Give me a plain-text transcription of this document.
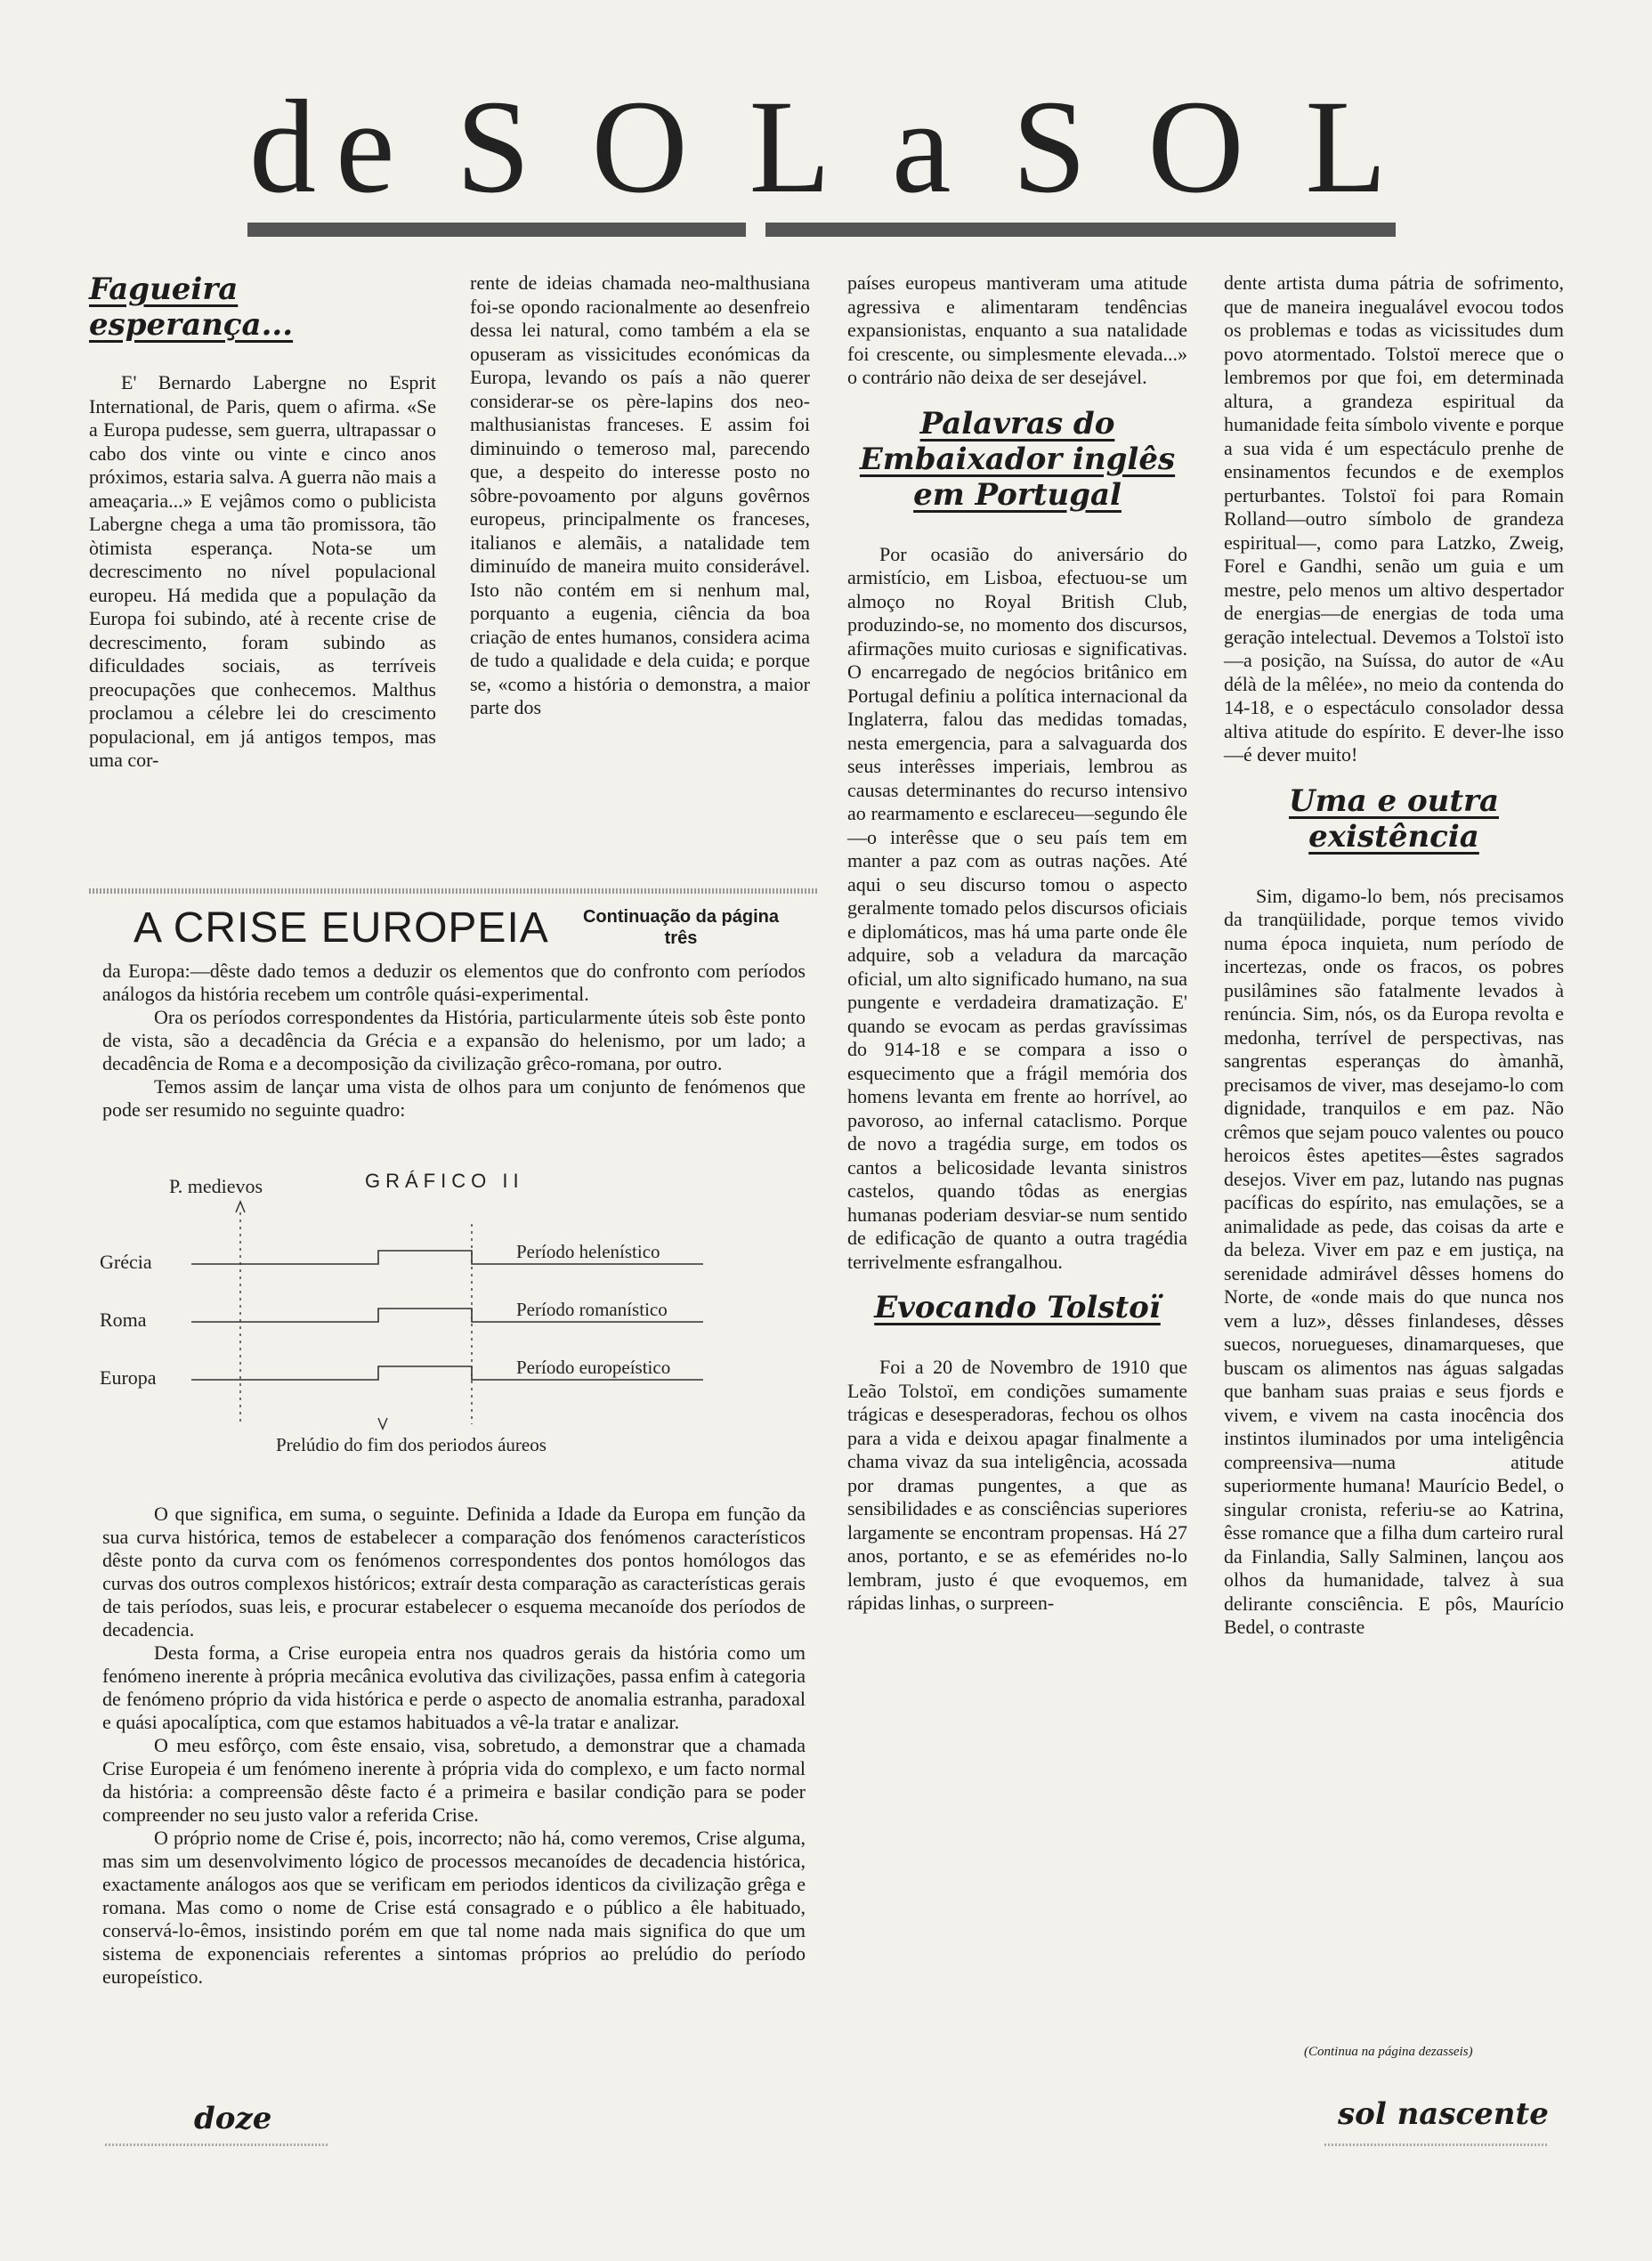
de S O L a S O L
Fagueira esperança...

E' Bernardo Labergne no Esprit International, de Paris, quem o afirma. «Se a Europa pudesse, sem guerra, ultrapassar o cabo dos vinte ou vinte e cinco anos próximos, estaria salva. A guerra não mais a ameaçaria...» E vejâmos como o publicista Labergne chega a uma tão promissora, tão òtimista esperança. Nota-se um decrescimento no nível populacional europeu. Há medida que a população da Europa foi subindo, até à recente crise de decrescimento, foram subindo as dificuldades sociais, as terríveis preocupações que conhecemos. Malthus proclamou a célebre lei do crescimento populacional, em já antigos tempos, mas uma cor-

rente de ideias chamada neo-malthusiana foi-se opondo racionalmente ao desenfreio dessa lei natural, como também a ela se opuseram as vissicitudes económicas da Europa, levando os país a não querer considerar-se os père-lapins dos neo-malthusianistas franceses. E assim foi diminuindo o temeroso mal, parecendo que, a despeito do interesse posto no sôbre-povoamento por alguns govêrnos europeus, principalmente os franceses, italianos e alemãis, a natalidade tem diminuído de maneira muito considerável. Isto não contém em si nenhum mal, porquanto a eugenia, ciência da boa criação de entes humanos, considera acima de tudo a qualidade e dela cuida; e porque se, «como a história o demonstra, a maior parte dos

A CRISE EUROPEIA	Continuação da página três

da Europa:—dêste dado temos a deduzir os elementos que do confronto com períodos análogos da história recebem um contrôle quási-experimental.

Ora os períodos correspondentes da História, particularmente úteis sob êste ponto de vista, são a decadência da Grécia e a expansão do helenismo, por um lado; a decadência de Roma e a decomposição da civilização grêco-romana, por outro.

Temos assim de lançar uma vista de olhos para um conjunto de fenómenos que pode ser resumido no seguinte quadro:

P. medievos	GRÁFICO II
Grécia	Período helenístico
Roma	Período romanístico
Europa	Período europeístico
Prelúdio do fim dos periodos áureos

O que significa, em suma, o seguinte. Definida a Idade da Europa em função da sua curva histórica, temos de estabelecer a comparação dos fenómenos característicos dêste ponto da curva com os fenómenos correspondentes dos pontos homólogos das curvas dos outros complexos históricos; extraír desta comparação as características gerais de tais períodos, suas leis, e procurar estabelecer o esquema mecanoíde dos períodos de decadencia.

Desta forma, a Crise europeia entra nos quadros gerais da história como um fenómeno inerente à própria mecânica evolutiva das civilizações, passa enfim à categoria de fenómeno próprio da vida histórica e perde o aspecto de anomalia estranha, paradoxal e quási apocalíptica, com que estamos habituados a vê-la tratar e analizar.

O meu esfôrço, com êste ensaio, visa, sobretudo, a demonstrar que a chamada Crise Europeia é um fenómeno inerente à própria vida do complexo, e um facto normal da história: a compreensão dêste facto é a primeira e basilar condição para se poder compreender no seu justo valor a referida Crise.

O próprio nome de Crise é, pois, incorrecto; não há, como veremos, Crise alguma, mas sim um desenvolvimento lógico de processos mecanoídes de decadencia histórica, exactamente análogos aos que se verificam em periodos identicos da civilização grêga e romana. Mas como o nome de Crise está consagrado e o público a êle habituado, conservá-lo-êmos, insistindo porém em que tal nome nada mais significa do que um sistema de exponenciais referentes a sintomas próprios ao prelúdio do período europeístico.

países europeus mantiveram uma atitude agressiva e alimentaram tendências expansionistas, enquanto a sua natalidade foi crescente, ou simplesmente elevada...» o contrário não deixa de ser desejável.

Palavras do Embaixador inglês em Portugal

Por ocasião do aniversário do armistício, em Lisboa, efectuou-se um almoço no Royal British Club, produzindo-se, no momento dos discursos, afirmações muito curiosas e significativas. O encarregado de negócios britânico em Portugal definiu a política internacional da Inglaterra, falou das medidas tomadas, nesta emergencia, para a salvaguarda dos seus interêsses imperiais, lembrou as causas determinantes do recurso intensivo ao rearmamento e esclareceu—segundo êle—o interêsse que o seu país tem em manter a paz com as outras nações. Até aqui o seu discurso tomou o aspecto geralmente tomado pelos discursos oficiais e diplomáticos, mas há uma parte onde êle adquire, sob a veladura da marcação oficial, um alto significado humano, na sua pungente e verdadeira dramatização. E' quando se evocam as perdas gravíssimas do 914-18 e se compara a isso o esquecimento que a frágil memória dos homens levanta em frente ao horrível, ao pavoroso, ao infernal cataclismo. Porque de novo a tragédia surge, em todos os cantos a belicosidade levanta sinistros castelos, quando tôdas as energias humanas poderiam desviar-se num sentido de edificação de quanto a outra tragédia terrivelmente esfrangalhou.

Evocando Tolstoï

Foi a 20 de Novembro de 1910 que Leão Tolstoï, em condições sumamente trágicas e desesperadoras, fechou os olhos para a vida e deixou apagar finalmente a chama vivaz da sua inteligência, acossada por dramas pungentes, a que as sensibilidades e as consciências superiores largamente se encontram propensas. Há 27 anos, portanto, e se as efemérides no-lo lembram, justo é que evoquemos, em rápidas linhas, o surpreen-

dente artista duma pátria de sofrimento, que de maneira inegualável evocou todos os problemas e todas as vicissitudes dum povo atormentado. Tolstoï merece que o lembremos por que foi, em determinada altura, a grandeza espiritual da humanidade feita símbolo vivente e porque a sua vida é um espectáculo prenhe de ensinamentos fecundos e de exemplos perturbantes. Tolstoï foi para Romain Rolland—outro símbolo de grandeza espiritual—, como para Latzko, Zweig, Forel e Gandhi, senão um guia e um mestre, pelo menos um altivo despertador de energias—de energias de toda uma geração intelectual. Devemos a Tolstoï isto—a posição, na Suíssa, do autor de «Au délà de la mêlée», no meio da contenda do 14-18, e o espectáculo consolador dessa altiva atitude do espírito. E dever-lhe isso—é dever muito!

Uma e outra existência

Sim, digamo-lo bem, nós precisamos da tranqüilidade, porque temos vivido numa época inquieta, num período de incertezas, onde os fracos, os pobres pusilâmines são fatalmente levados à renúncia. Sim, nós, os da Europa revolta e medonha, terrível de perspectivas, nas sangrentas esperanças do àmanhã, precisamos de viver, mas desejamo-lo com dignidade, tranquilos e em paz. Não crêmos que sejam pouco valentes ou pouco heroicos êstes apetites—êstes sagrados desejos. Viver em paz, lutando nas pugnas pacíficas do espírito, nas emulações, se a animalidade as pede, das coisas da arte e da beleza. Viver em paz e em justiça, na serenidade admirável dêsses homens do Norte, de «onde mais do que nunca nos vem a luz», dêsses finlandeses, dêsses suecos, noruegueses, dinamarqueses, que buscam os alimentos nas águas salgadas que banham suas praias e seus fjords e vivem, e vivem na casta inocência dos instintos iluminados por uma inteligência compreensiva—numa atitude superiormente humana! Maurício Bedel, o singular cronista, referiu-se ao Katrina, êsse romance que a filha dum carteiro rural da Finlandia, Sally Salminen, lançou aos olhos da humanidade, talvez à sua delirante consciência. E pôs, Maurício Bedel, o contraste

(Continua na página dezasseis)
doze	sol nascente
